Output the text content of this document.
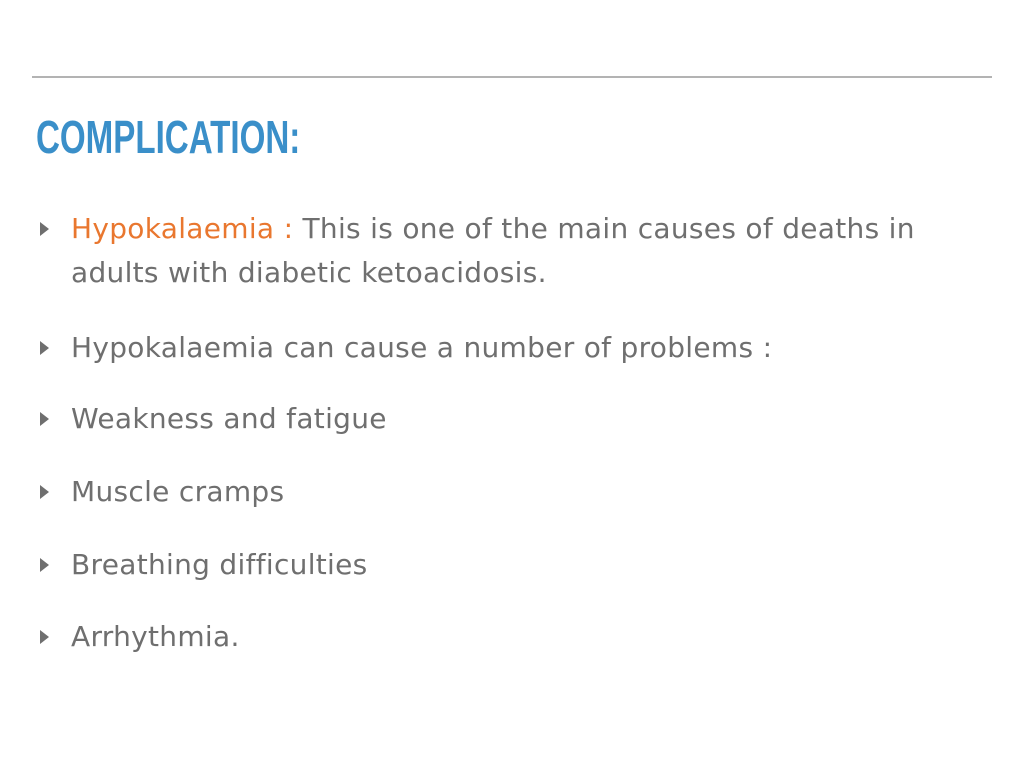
COMPLICATION:
Hypokalaemia : This is one of the main causes of deaths in adults with diabetic ketoacidosis.
Hypokalaemia can cause a number of problems :
Weakness and fatigue
Muscle cramps
Breathing difficulties
Arrhythmia.
